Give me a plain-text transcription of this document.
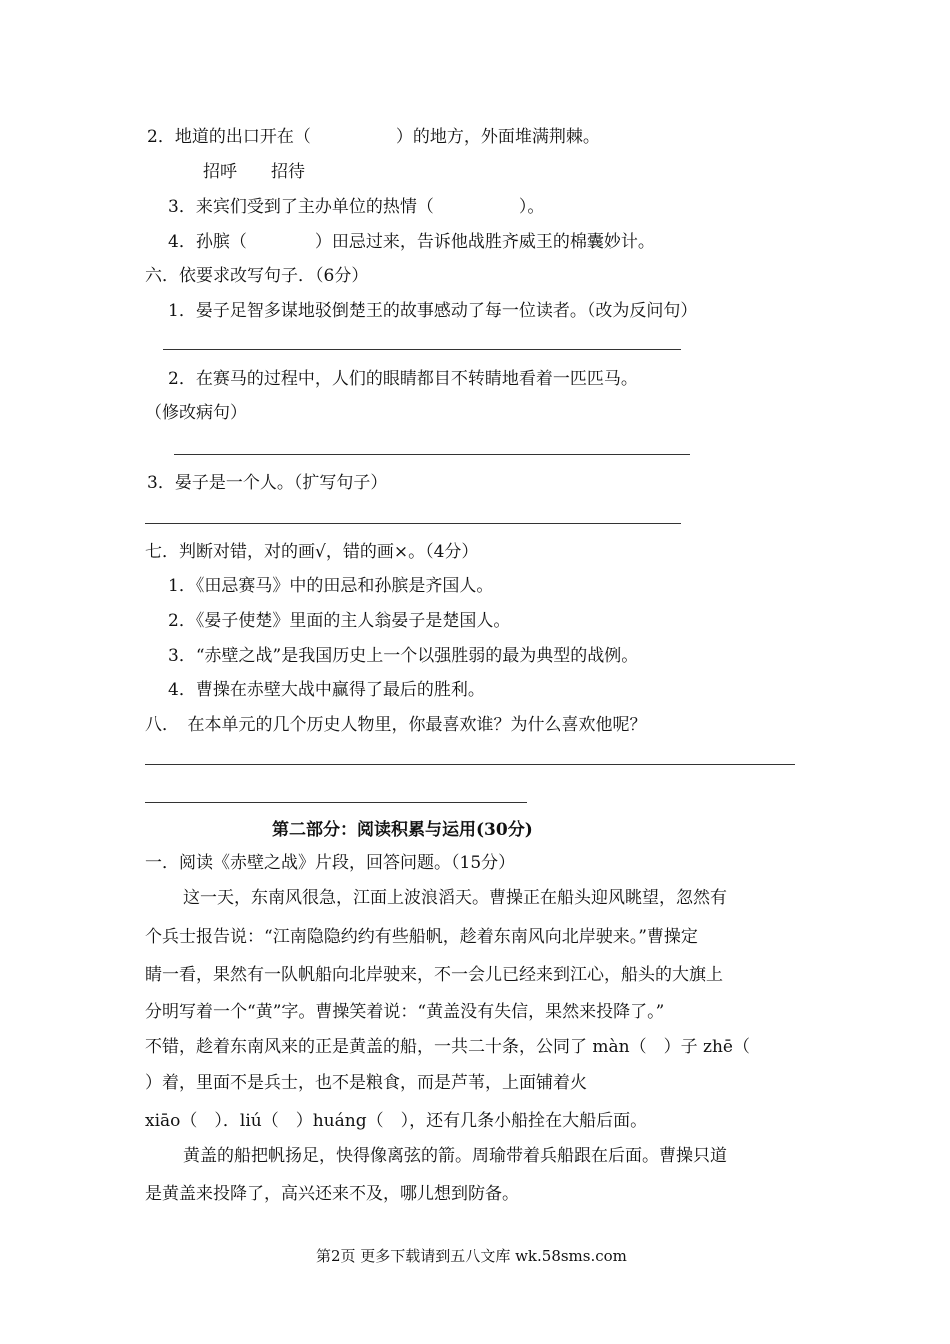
2．地道的出口开在（　　　　　）的地方，外面堆满荆棘。
招呼　　招待
3．来宾们受到了主办单位的热情（　　　　　）。
4．孙膑（　　　　）田忌过来，告诉他战胜齐威王的棉囊妙计。
六．依要求改写句子．（6分）
1．晏子足智多谋地驳倒楚王的故事感动了每一位读者。（改为反问句）
2．在赛马的过程中，人们的眼睛都目不转睛地看着一匹匹马。
（修改病句）
3．晏子是一个人。（扩写句子）
七．判断对错，对的画√，错的画×。（4分）
1．《田忌赛马》中的田忌和孙膑是齐国人。
2．《晏子使楚》里面的主人翁晏子是楚国人。
3．“赤壁之战”是我国历史上一个以强胜弱的最为典型的战例。
4．曹操在赤壁大战中赢得了最后的胜利。
八．　在本单元的几个历史人物里，你最喜欢谁？为什么喜欢他呢？
第二部分：阅读积累与运用(30分)
一．阅读《赤壁之战》片段，回答问题。（15分）
这一天，东南风很急，江面上波浪滔天。曹操正在船头迎风眺望，忽然有
个兵士报告说：“江南隐隐约约有些船帆，趁着东南风向北岸驶来。”曹操定
睛一看，果然有一队帆船向北岸驶来，不一会儿已经来到江心，船头的大旗上
分明写着一个“黄”字。曹操笑着说：“黄盖没有失信，果然来投降了。”
不错，趁着东南风来的正是黄盖的船，一共二十条，公同了 màn（　）子 zhē（
）着，里面不是兵士，也不是粮食，而是芦苇，上面铺着火
xiāo（　）．liú（　）huáng（　），还有几条小船拴在大船后面。
黄盖的船把帆扬足，快得像离弦的箭。周瑜带着兵船跟在后面。曹操只道
是黄盖来投降了，高兴还来不及，哪儿想到防备。
第2页 更多下载请到五八文库 wk.58sms.com
